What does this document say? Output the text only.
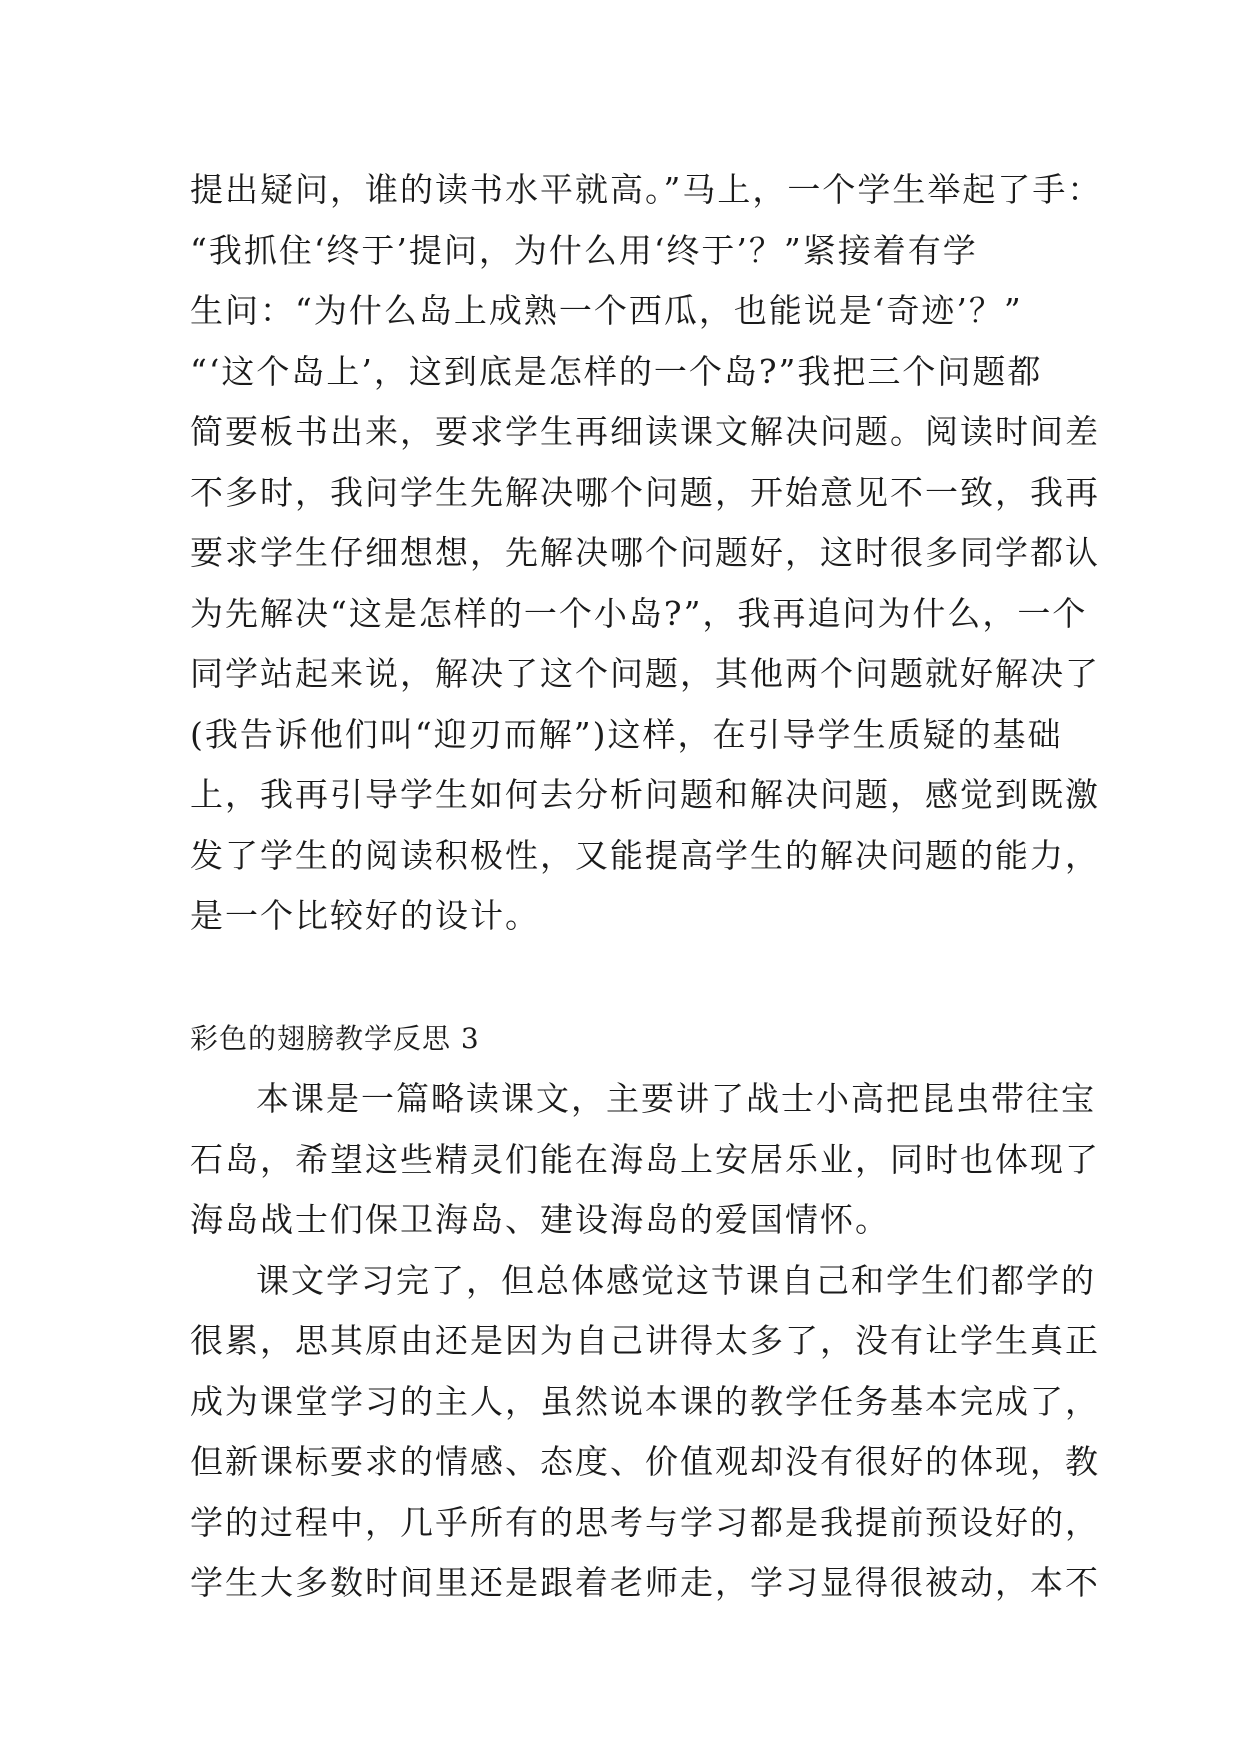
提出疑问，谁的读书水平就高。”马上，一个学生举起了手：
“我抓住‘终于’提问，为什么用‘终于’？”紧接着有学
生问：“为什么岛上成熟一个西瓜，也能说是‘奇迹’？”
“‘这个岛上’，这到底是怎样的一个岛?”我把三个问题都
简要板书出来，要求学生再细读课文解决问题。阅读时间差
不多时，我问学生先解决哪个问题，开始意见不一致，我再
要求学生仔细想想，先解决哪个问题好，这时很多同学都认
为先解决“这是怎样的一个小岛?”，我再追问为什么，一个
同学站起来说，解决了这个问题，其他两个问题就好解决了
(我告诉他们叫“迎刃而解”)这样，在引导学生质疑的基础
上，我再引导学生如何去分析问题和解决问题，感觉到既激
发了学生的阅读积极性，又能提高学生的解决问题的能力，
是一个比较好的设计。
彩色的翅膀教学反思 3
本课是一篇略读课文，主要讲了战士小高把昆虫带往宝
石岛，希望这些精灵们能在海岛上安居乐业，同时也体现了
海岛战士们保卫海岛、建设海岛的爱国情怀。
课文学习完了，但总体感觉这节课自己和学生们都学的
很累，思其原由还是因为自己讲得太多了，没有让学生真正
成为课堂学习的主人，虽然说本课的教学任务基本完成了，
但新课标要求的情感、态度、价值观却没有很好的体现，教
学的过程中，几乎所有的思考与学习都是我提前预设好的，
学生大多数时间里还是跟着老师走，学习显得很被动，本不
